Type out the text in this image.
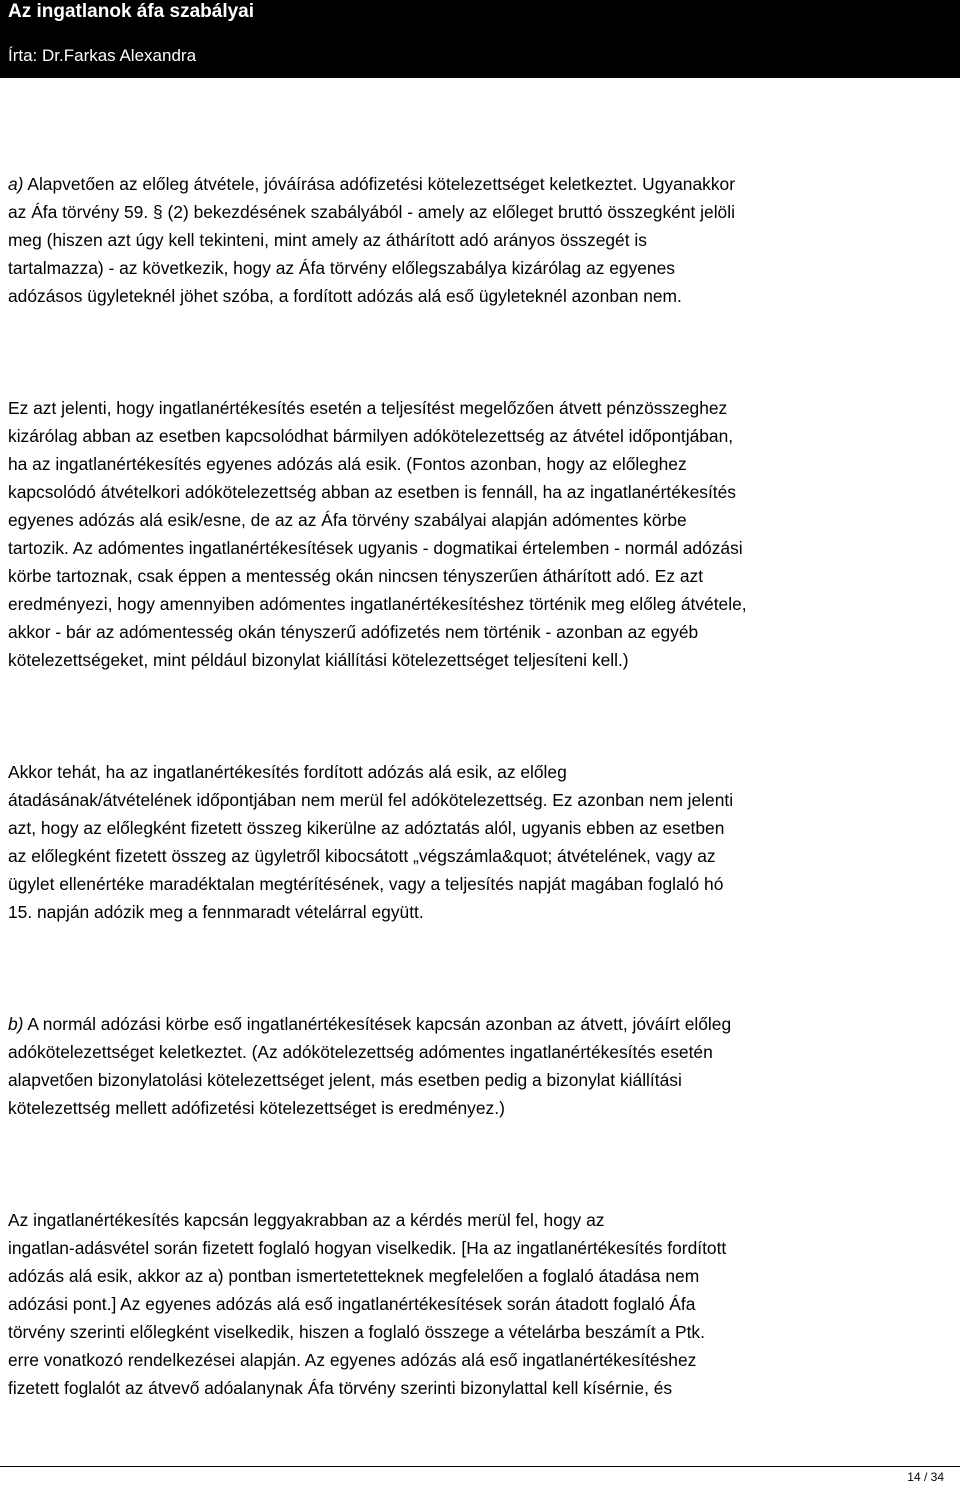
Az ingatlanok áfa szabályai
Írta: Dr.Farkas Alexandra
a) Alapvetően az előleg átvétele, jóváírása adófizetési kötelezettséget keletkeztet. Ugyanakkor
az Áfa törvény 59. § (2) bekezdésének szabályából - amely az előleget bruttó összegként jelöli
meg (hiszen azt úgy kell tekinteni, mint amely az áthárított adó arányos összegét is
tartalmazza) - az következik, hogy az Áfa törvény előlegszabálya kizárólag az egyenes
adózásos ügyleteknél jöhet szóba, a fordított adózás alá eső ügyleteknél azonban nem.
Ez azt jelenti, hogy ingatlanértékesítés esetén a teljesítést megelőzően átvett pénzösszeghez
kizárólag abban az esetben kapcsolódhat bármilyen adókötelezettség az átvétel időpontjában,
ha az ingatlanértékesítés egyenes adózás alá esik. (Fontos azonban, hogy az előleghez
kapcsolódó átvételkori adókötelezettség abban az esetben is fennáll, ha az ingatlanértékesítés
egyenes adózás alá esik/esne, de az az Áfa törvény szabályai alapján adómentes körbe
tartozik. Az adómentes ingatlanértékesítések ugyanis - dogmatikai értelemben - normál adózási
körbe tartoznak, csak éppen a mentesség okán nincsen tényszerűen áthárított adó. Ez azt
eredményezi, hogy amennyiben adómentes ingatlanértékesítéshez történik meg előleg átvétele,
akkor - bár az adómentesség okán tényszerű adófizetés nem történik - azonban az egyéb
kötelezettségeket, mint például bizonylat kiállítási kötelezettséget teljesíteni kell.)
Akkor tehát, ha az ingatlanértékesítés fordított adózás alá esik, az előleg
átadásának/átvételének időpontjában nem merül fel adókötelezettség. Ez azonban nem jelenti
azt, hogy az előlegként fizetett összeg kikerülne az adóztatás alól, ugyanis ebben az esetben
az előlegként fizetett összeg az ügyletről kibocsátott „végszámla&quot; átvételének, vagy az
ügylet ellenértéke maradéktalan megtérítésének, vagy a teljesítés napját magában foglaló hó
15. napján adózik meg a fennmaradt vételárral együtt.
b) A normál adózási körbe eső ingatlanértékesítések kapcsán azonban az átvett, jóváírt előleg
adókötelezettséget keletkeztet. (Az adókötelezettség adómentes ingatlanértékesítés esetén
alapvetően bizonylatolási kötelezettséget jelent, más esetben pedig a bizonylat kiállítási
kötelezettség mellett adófizetési kötelezettséget is eredményez.)
Az ingatlanértékesítés kapcsán leggyakrabban az a kérdés merül fel, hogy az
ingatlan-adásvétel során fizetett foglaló hogyan viselkedik. [Ha az ingatlanértékesítés fordított
adózás alá esik, akkor az a) pontban ismertetetteknek megfelelően a foglaló átadása nem
adózási pont.] Az egyenes adózás alá eső ingatlanértékesítések során átadott foglaló Áfa
törvény szerinti előlegként viselkedik, hiszen a foglaló összege a vételárba beszámít a Ptk.
erre vonatkozó rendelkezései alapján. Az egyenes adózás alá eső ingatlanértékesítéshez
fizetett foglalót az átvevő adóalanynak Áfa törvény szerinti bizonylattal kell kísérnie, és
14 / 34
